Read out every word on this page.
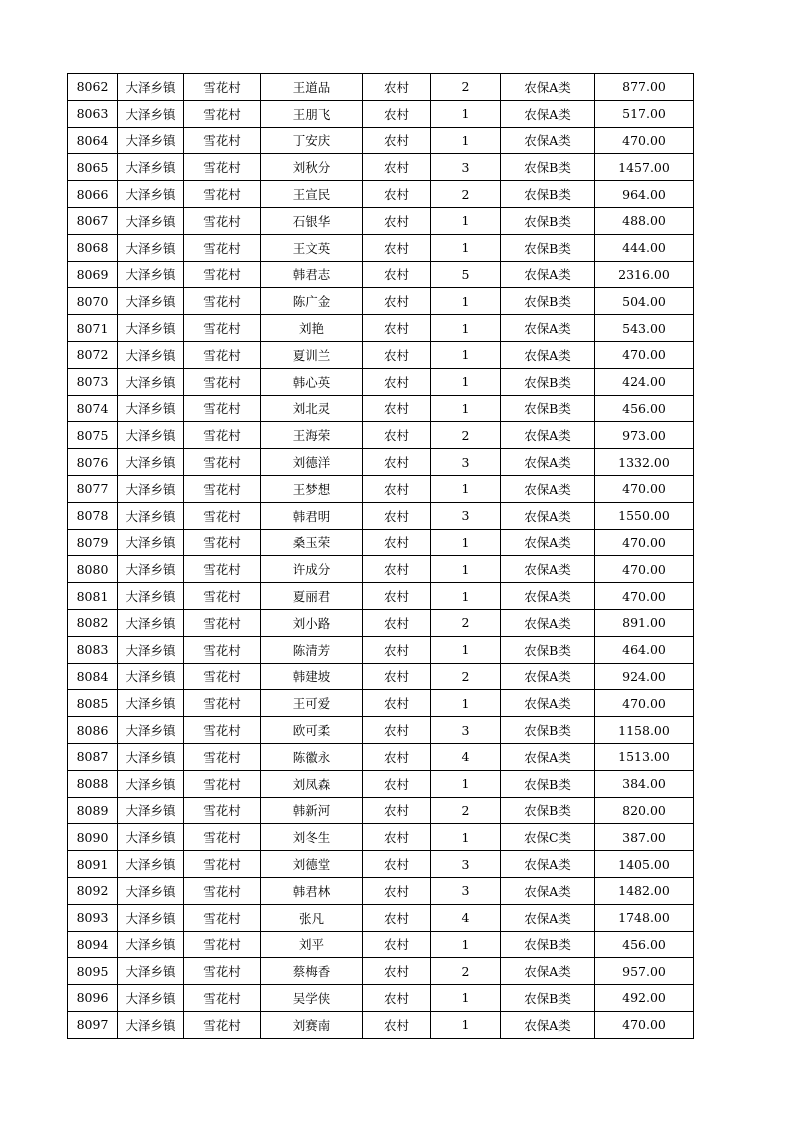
8062	大泽乡镇	雪花村	王道品	农村	2	农保A类	877.00
8063	大泽乡镇	雪花村	王朋飞	农村	1	农保A类	517.00
8064	大泽乡镇	雪花村	丁安庆	农村	1	农保A类	470.00
8065	大泽乡镇	雪花村	刘秋分	农村	3	农保B类	1457.00
8066	大泽乡镇	雪花村	王宣民	农村	2	农保B类	964.00
8067	大泽乡镇	雪花村	石银华	农村	1	农保B类	488.00
8068	大泽乡镇	雪花村	王文英	农村	1	农保B类	444.00
8069	大泽乡镇	雪花村	韩君志	农村	5	农保A类	2316.00
8070	大泽乡镇	雪花村	陈广金	农村	1	农保B类	504.00
8071	大泽乡镇	雪花村	刘艳	农村	1	农保A类	543.00
8072	大泽乡镇	雪花村	夏训兰	农村	1	农保A类	470.00
8073	大泽乡镇	雪花村	韩心英	农村	1	农保B类	424.00
8074	大泽乡镇	雪花村	刘北灵	农村	1	农保B类	456.00
8075	大泽乡镇	雪花村	王海荣	农村	2	农保A类	973.00
8076	大泽乡镇	雪花村	刘德洋	农村	3	农保A类	1332.00
8077	大泽乡镇	雪花村	王梦想	农村	1	农保A类	470.00
8078	大泽乡镇	雪花村	韩君明	农村	3	农保A类	1550.00
8079	大泽乡镇	雪花村	桑玉荣	农村	1	农保A类	470.00
8080	大泽乡镇	雪花村	许成分	农村	1	农保A类	470.00
8081	大泽乡镇	雪花村	夏丽君	农村	1	农保A类	470.00
8082	大泽乡镇	雪花村	刘小路	农村	2	农保A类	891.00
8083	大泽乡镇	雪花村	陈清芳	农村	1	农保B类	464.00
8084	大泽乡镇	雪花村	韩建坡	农村	2	农保A类	924.00
8085	大泽乡镇	雪花村	王可爱	农村	1	农保A类	470.00
8086	大泽乡镇	雪花村	欧可柔	农村	3	农保B类	1158.00
8087	大泽乡镇	雪花村	陈徽永	农村	4	农保A类	1513.00
8088	大泽乡镇	雪花村	刘凤森	农村	1	农保B类	384.00
8089	大泽乡镇	雪花村	韩新河	农村	2	农保B类	820.00
8090	大泽乡镇	雪花村	刘冬生	农村	1	农保C类	387.00
8091	大泽乡镇	雪花村	刘德堂	农村	3	农保A类	1405.00
8092	大泽乡镇	雪花村	韩君林	农村	3	农保A类	1482.00
8093	大泽乡镇	雪花村	张凡	农村	4	农保A类	1748.00
8094	大泽乡镇	雪花村	刘平	农村	1	农保B类	456.00
8095	大泽乡镇	雪花村	蔡梅香	农村	2	农保A类	957.00
8096	大泽乡镇	雪花村	吴学侠	农村	1	农保B类	492.00
8097	大泽乡镇	雪花村	刘赛南	农村	1	农保A类	470.00
